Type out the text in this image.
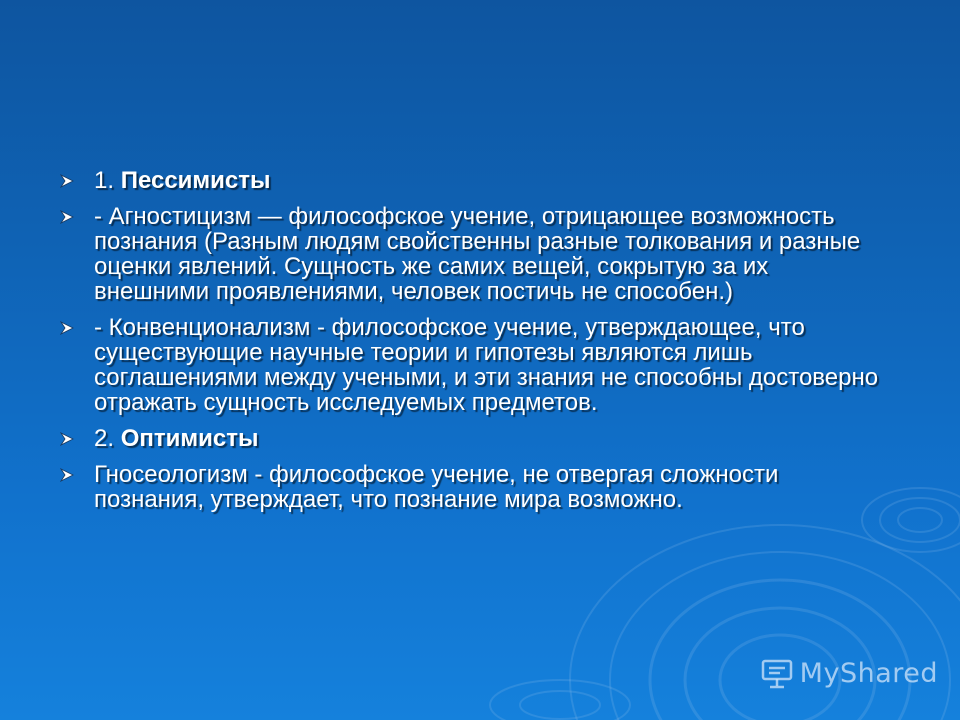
1. Пессимисты
- Агностицизм — философское учение, отрицающее возможность познания (Разным людям свойственны разные толкования и разные оценки явлений. Сущность же самих вещей, сокрытую за их внешними проявлениями, человек постичь не способен.)
- Конвенционализм - философское учение, утверждающее, что существующие научные теории и гипотезы являются лишь соглашениями между учеными, и эти знания не способны достоверно отражать сущность исследуемых предметов.
2. Оптимисты
Гносеологизм - философское учение, не отвергая сложности познания, утверждает, что познание мира возможно.
MyShared
